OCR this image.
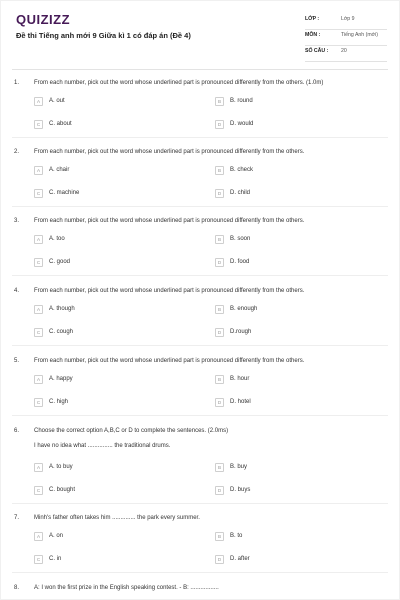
QUIZIZZ
Đề thi Tiếng anh mới 9 Giữa kì 1 có đáp án (Đề 4)
LỚP :	Lớp 9
MÔN :	Tiếng Anh (mới)
SỐ CÂU : 20
1. From each number, pick out the word whose underlined part is pronounced differently from the others. (1.0m)
A	A. out	B	B. round
C	C. about	D	D. would
2. From each number, pick out the word whose underlined part is pronounced differently from the others.
A	A. chair	B	B. check
C	C. machine	D	D. child
3. From each number, pick out the word whose underlined part is pronounced differently from the others.
A	A. too	B	B. soon
C	C. good	D	D. food
4. From each number, pick out the word whose underlined part is pronounced differently from the others.
A	A. though	B	B. enough
C	C. cough	D	D.rough
5. From each number, pick out the word whose underlined part is pronounced differently from the others.
A	A. happy	B	B. hour
C	C. high	D	D. hotel
6. Choose the correct option A,B,C or D to complete the sentences. (2.0ms)
I have no idea what ............... the traditional drums.
A	A. to buy	B	B. buy
C	C. bought	D	D. buys
7. Minh's father often takes him .............. the park every summer.
A	A. on	B	B. to
C	C. in	D	D. after
8. A: I won the first prize in the English speaking contest. - B: .................
